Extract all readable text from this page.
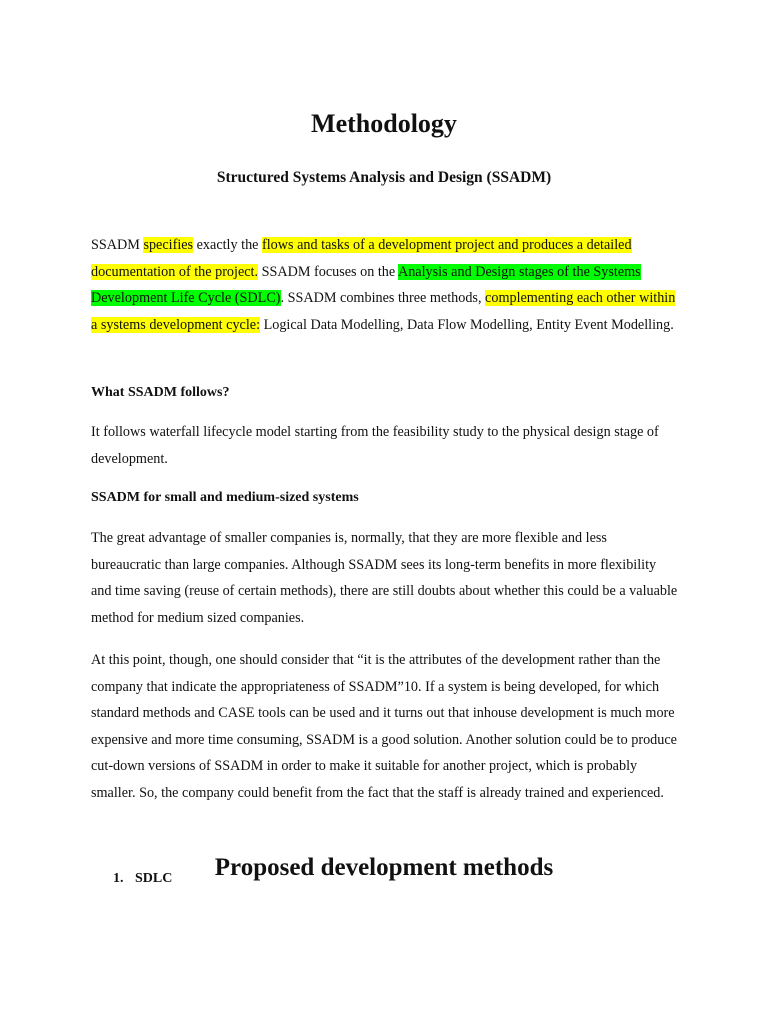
Methodology
Structured Systems Analysis and Design (SSADM)

SSADM specifies exactly the flows and tasks of a development project and produces a detailed documentation of the project. SSADM focuses on the Analysis and Design stages of the Systems Development Life Cycle (SDLC). SSADM combines three methods, complementing each other within a systems development cycle: Logical Data Modelling, Data Flow Modelling, Entity Event Modelling.

What SSADM follows?

It follows waterfall lifecycle model starting from the feasibility study to the physical design stage of development.

SSADM for small and medium-sized systems

The great advantage of smaller companies is, normally, that they are more flexible and less bureaucratic than large companies. Although SSADM sees its long-term benefits in more flexibility and time saving (reuse of certain methods), there are still doubts about whether this could be a valuable method for medium sized companies.

At this point, though, one should consider that “it is the attributes of the development rather than the company that indicate the appropriateness of SSADM”10. If a system is being developed, for which standard methods and CASE tools can be used and it turns out that inhouse development is much more expensive and more time consuming, SSADM is a good solution. Another solution could be to produce cut-down versions of SSADM in order to make it suitable for another project, which is probably smaller. So, the company could benefit from the fact that the staff is already trained and experienced.

Proposed development methods
1. SDLC
